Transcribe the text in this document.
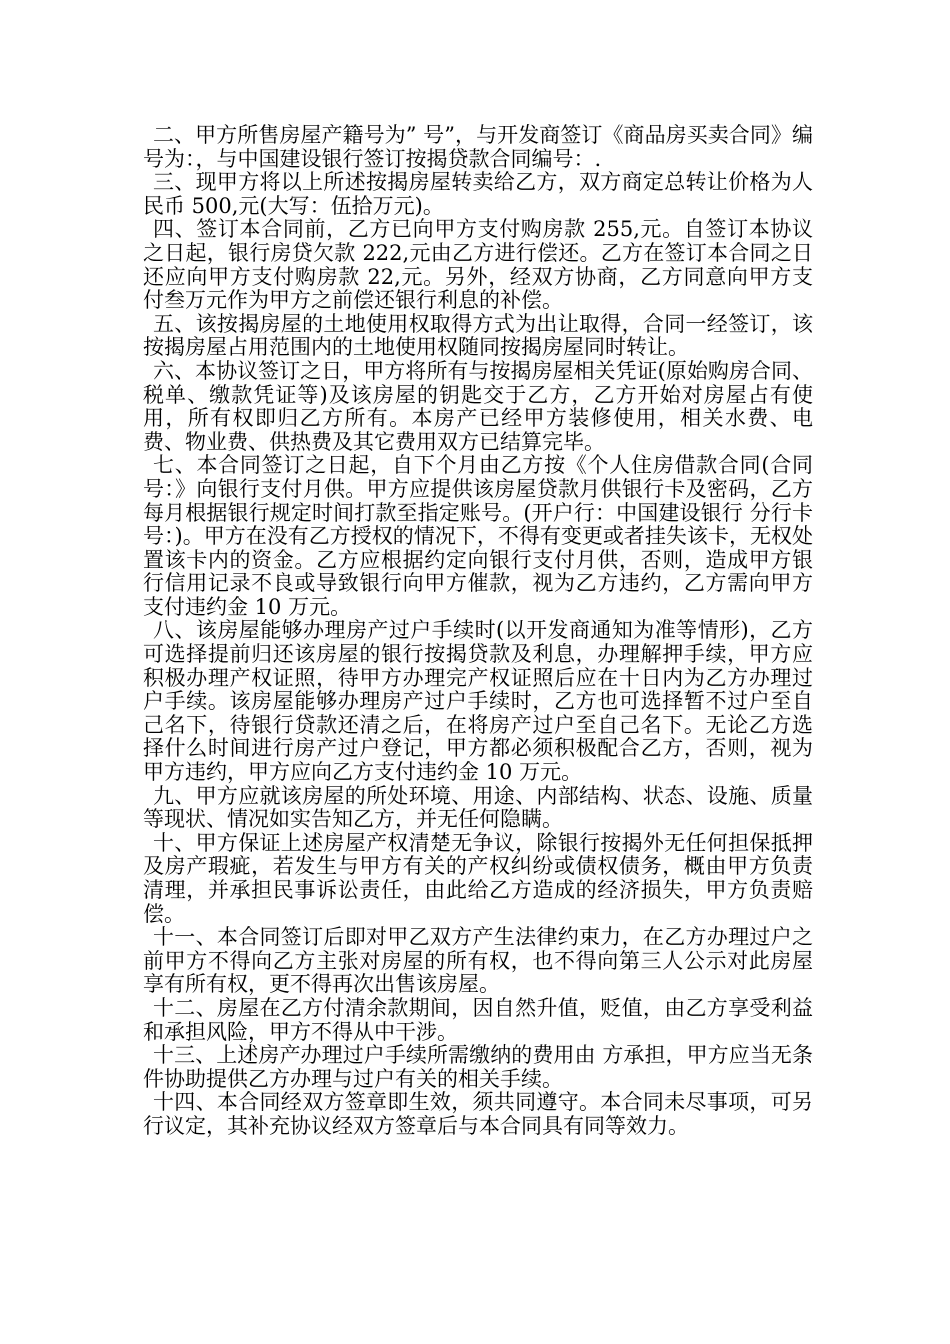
二、甲方所售房屋产籍号为” 号”，与开发商签订《商品房买卖合同》编号为：，与中国建设银行签订按揭贷款合同编号：.

三、现甲方将以上所述按揭房屋转卖给乙方，双方商定总转让价格为人民币 500,元(大写：伍拾万元)。

四、签订本合同前，乙方已向甲方支付购房款 255,元。自签订本协议之日起，银行房贷欠款 222,元由乙方进行偿还。乙方在签订本合同之日还应向甲方支付购房款 22,元。另外，经双方协商，乙方同意向甲方支付叁万元作为甲方之前偿还银行利息的补偿。

五、该按揭房屋的土地使用权取得方式为出让取得，合同一经签订，该按揭房屋占用范围内的土地使用权随同按揭房屋同时转让。

六、本协议签订之日，甲方将所有与按揭房屋相关凭证(原始购房合同、税单、缴款凭证等)及该房屋的钥匙交于乙方，乙方开始对房屋占有使用，所有权即归乙方所有。本房产已经甲方装修使用，相关水费、电费、物业费、供热费及其它费用双方已结算完毕。

七、本合同签订之日起，自下个月由乙方按《个人住房借款合同(合同号：》向银行支付月供。甲方应提供该房屋贷款月供银行卡及密码，乙方每月根据银行规定时间打款至指定账号。(开户行：中国建设银行 分行卡号：)。甲方在没有乙方授权的情况下，不得有变更或者挂失该卡，无权处置该卡内的资金。乙方应根据约定向银行支付月供，否则，造成甲方银行信用记录不良或导致银行向甲方催款，视为乙方违约，乙方需向甲方支付违约金 10 万元。

八、该房屋能够办理房产过户手续时(以开发商通知为准等情形)，乙方可选择提前归还该房屋的银行按揭贷款及利息，办理解押手续，甲方应积极办理产权证照，待甲方办理完产权证照后应在十日内为乙方办理过户手续。该房屋能够办理房产过户手续时，乙方也可选择暂不过户至自己名下，待银行贷款还清之后，在将房产过户至自己名下。无论乙方选择什么时间进行房产过户登记，甲方都必须积极配合乙方，否则，视为甲方违约，甲方应向乙方支付违约金 10 万元。

九、甲方应就该房屋的所处环境、用途、内部结构、状态、设施、质量等现状、情况如实告知乙方，并无任何隐瞒。

十、甲方保证上述房屋产权清楚无争议，除银行按揭外无任何担保抵押及房产瑕疵，若发生与甲方有关的产权纠纷或债权债务，概由甲方负责清理，并承担民事诉讼责任，由此给乙方造成的经济损失，甲方负责赔偿。

十一、本合同签订后即对甲乙双方产生法律约束力，在乙方办理过户之前甲方不得向乙方主张对房屋的所有权，也不得向第三人公示对此房屋享有所有权，更不得再次出售该房屋。

十二、房屋在乙方付清余款期间，因自然升值，贬值，由乙方享受利益和承担风险，甲方不得从中干涉。

十三、上述房产办理过户手续所需缴纳的费用由 方承担，甲方应当无条件协助提供乙方办理与过户有关的相关手续。

十四、本合同经双方签章即生效，须共同遵守。本合同未尽事项，可另行议定，其补充协议经双方签章后与本合同具有同等效力。
